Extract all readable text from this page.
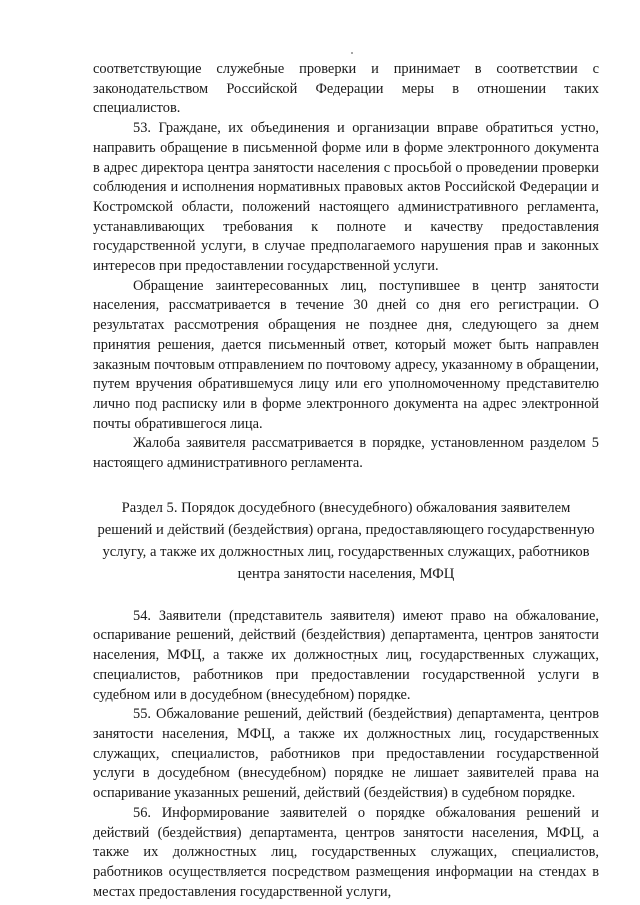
соответствующие служебные проверки и принимает в соответствии с законодательством Российской Федерации меры в отношении таких специалистов.

53. Граждане, их объединения и организации вправе обратиться устно, направить обращение в письменной форме или в форме электронного документа в адрес директора центра занятости населения с просьбой о проведении проверки соблюдения и исполнения нормативных правовых актов Российской Федерации и Костромской области, положений настоящего административного регламента, устанавливающих требования к полноте и качеству предоставления государственной услуги, в случае предполагаемого нарушения прав и законных интересов при предоставлении государственной услуги.

Обращение заинтересованных лиц, поступившее в центр занятости населения, рассматривается в течение 30 дней со дня его регистрации. О результатах рассмотрения обращения не позднее дня, следующего за днем принятия решения, дается письменный ответ, который может быть направлен заказным почтовым отправлением по почтовому адресу, указанному в обращении, путем вручения обратившемуся лицу или его уполномоченному представителю лично под расписку или в форме электронного документа на адрес электронной почты обратившегося лица.

Жалоба заявителя рассматривается в порядке, установленном разделом 5 настоящего административного регламента.

Раздел 5. Порядок досудебного (внесудебного) обжалования заявителем решений и действий (бездействия) органа, предоставляющего государственную услугу, а также их должностных лиц, государственных служащих, работников центра занятости населения, МФЦ

54. Заявители (представитель заявителя) имеют право на обжалование, оспаривание решений, действий (бездействия) департамента, центров занятости населения, МФЦ, а также их должностных лиц, государственных служащих, специалистов, работников при предоставлении государственной услуги в судебном или в досудебном (внесудебном) порядке.

55. Обжалование решений, действий (бездействия) департамента, центров занятости населения, МФЦ, а также их должностных лиц, государственных служащих, специалистов, работников при предоставлении государственной услуги в досудебном (внесудебном) порядке не лишает заявителей права на оспаривание указанных решений, действий (бездействия) в судебном порядке.

56. Информирование заявителей о порядке обжалования решений и действий (бездействия) департамента, центров занятости населения, МФЦ, а также их должностных лиц, государственных служащих, специалистов, работников осуществляется посредством размещения информации на стендах в местах предоставления государственной услуги,
